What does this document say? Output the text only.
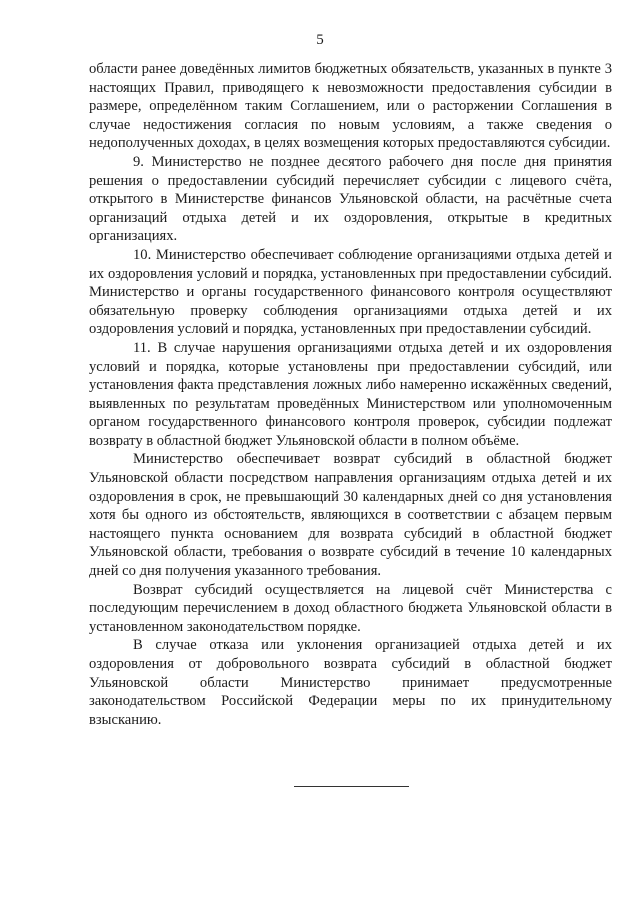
5

области ранее доведённых лимитов бюджетных обязательств, указанных в пункте 3 настоящих Правил, приводящего к невозможности предоставления субсидии в размере, определённом таким Соглашением, или о расторжении Соглашения в случае недостижения согласия по новым условиям, а также сведения о недополученных доходах, в целях возмещения которых предоставляются субсидии.

9. Министерство не позднее десятого рабочего дня после дня принятия решения о предоставлении субсидий перечисляет субсидии с лицевого счёта, открытого в Министерстве финансов Ульяновской области, на расчётные счета организаций отдыха детей и их оздоровления, открытые в кредитных организациях.

10. Министерство обеспечивает соблюдение организациями отдыха детей и их оздоровления условий и порядка, установленных при предоставлении субсидий. Министерство и органы государственного финансового контроля осуществляют обязательную проверку соблюдения организациями отдыха детей и их оздоровления условий и порядка, установленных при предоставлении субсидий.

11. В случае нарушения организациями отдыха детей и их оздоровления условий и порядка, которые установлены при предоставлении субсидий, или установления факта представления ложных либо намеренно искажённых сведений, выявленных по результатам проведённых Министерством или уполномоченным органом государственного финансового контроля проверок, субсидии подлежат возврату в областной бюджет Ульяновской области в полном объёме.

Министерство обеспечивает возврат субсидий в областной бюджет Ульяновской области посредством направления организациям отдыха детей и их оздоровления в срок, не превышающий 30 календарных дней со дня установления хотя бы одного из обстоятельств, являющихся в соответствии с абзацем первым настоящего пункта основанием для возврата субсидий в областной бюджет Ульяновской области, требования о возврате субсидий в течение 10 календарных дней со дня получения указанного требования.

Возврат субсидий осуществляется на лицевой счёт Министерства с последующим перечислением в доход областного бюджета Ульяновской области в установленном законодательством порядке.

В случае отказа или уклонения организацией отдыха детей и их оздоровления от добровольного возврата субсидий в областной бюджет Ульяновской области Министерство принимает предусмотренные законодательством Российской Федерации меры по их принудительному взысканию.
